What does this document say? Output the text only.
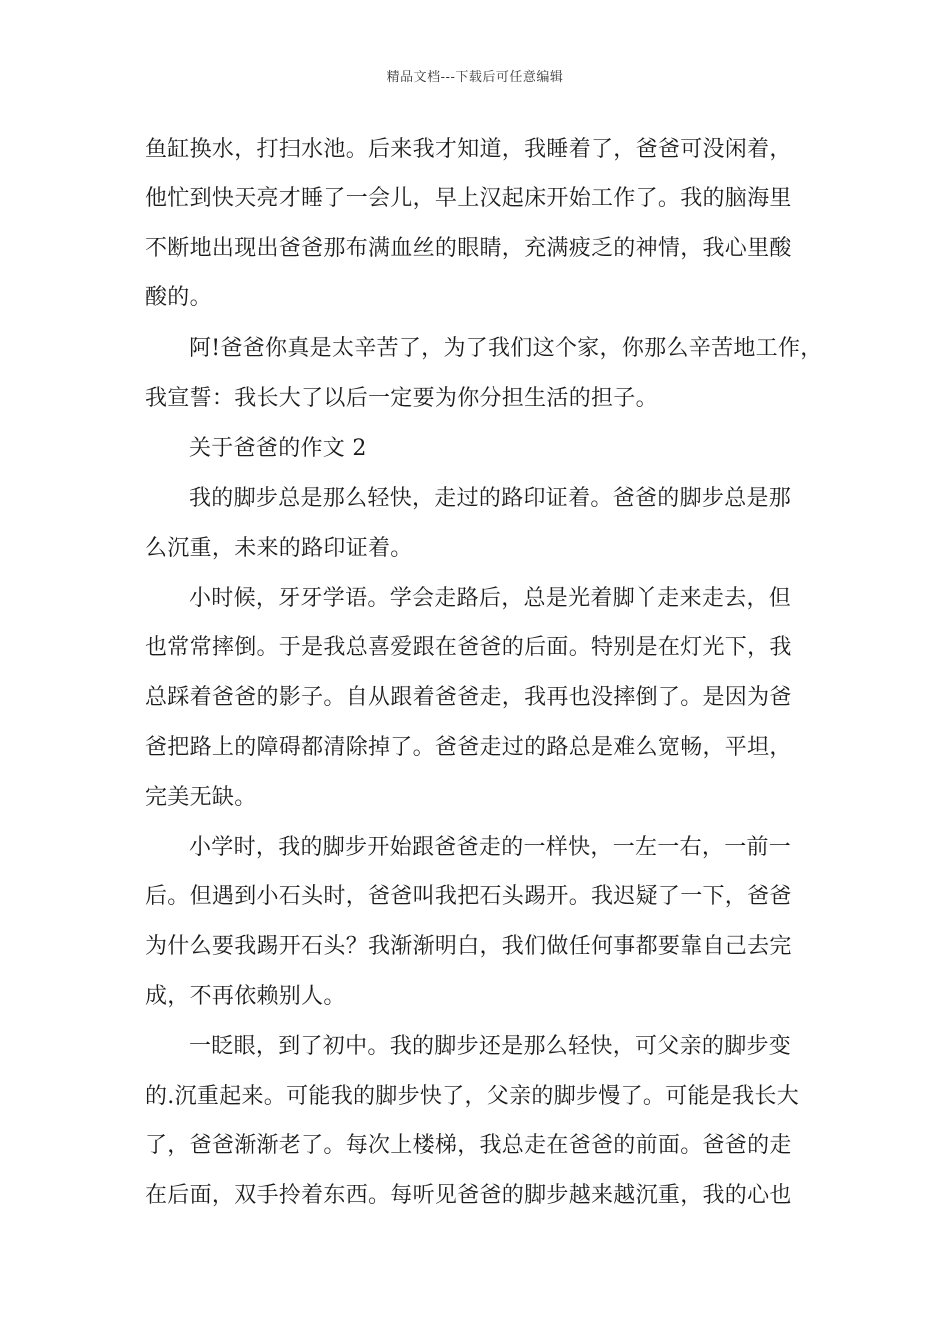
精品文档---下载后可任意编辑
鱼缸换水，打扫水池。后来我才知道，我睡着了，爸爸可没闲着，
他忙到快天亮才睡了一会儿，早上汉起床开始工作了。我的脑海里
不断地出现出爸爸那布满血丝的眼睛，充满疲乏的神情，我心里酸
酸的。
阿!爸爸你真是太辛苦了，为了我们这个家，你那么辛苦地工作，
我宣誓：我长大了以后一定要为你分担生活的担子。
关于爸爸的作文 2
我的脚步总是那么轻快，走过的路印证着。爸爸的脚步总是那
么沉重，未来的路印证着。
小时候，牙牙学语。学会走路后，总是光着脚丫走来走去，但
也常常摔倒。于是我总喜爱跟在爸爸的后面。特别是在灯光下，我
总踩着爸爸的影子。自从跟着爸爸走，我再也没摔倒了。是因为爸
爸把路上的障碍都清除掉了。爸爸走过的路总是难么宽畅，平坦，
完美无缺。
小学时，我的脚步开始跟爸爸走的一样快，一左一右，一前一
后。但遇到小石头时，爸爸叫我把石头踢开。我迟疑了一下，爸爸
为什么要我踢开石头？我渐渐明白，我们做任何事都要靠自己去完
成，不再依赖别人。
一眨眼，到了初中。我的脚步还是那么轻快，可父亲的脚步变
的.沉重起来。可能我的脚步快了，父亲的脚步慢了。可能是我长大
了，爸爸渐渐老了。每次上楼梯，我总走在爸爸的前面。爸爸的走
在后面，双手拎着东西。每听见爸爸的脚步越来越沉重，我的心也
